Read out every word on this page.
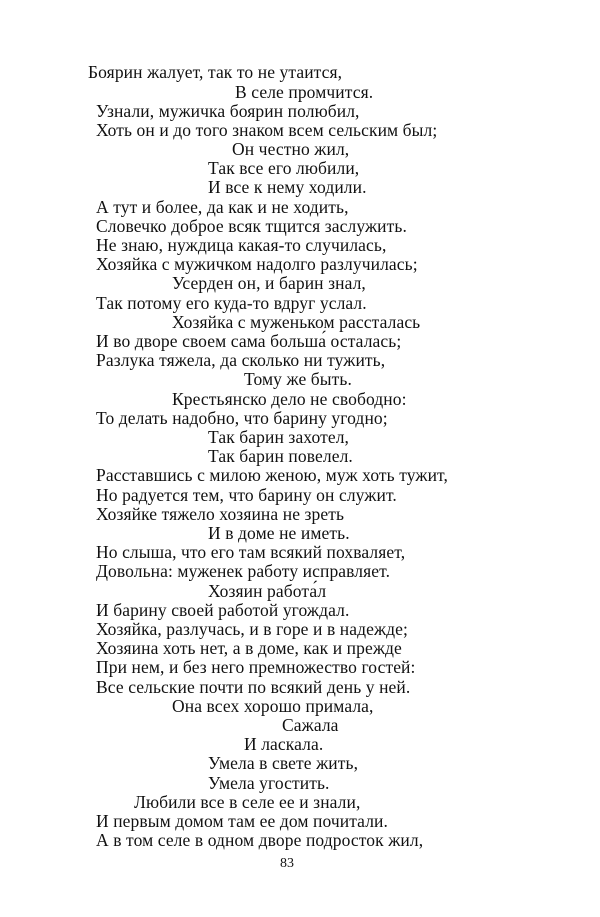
Боярин жалует, так то не утаится,
В селе промчится.
Узнали, мужичка боярин полюбил,
Хоть он и до того знаком всем сельским был;
Он честно жил,
Так все его любили,
И все к нему ходили.
А тут и более, да как и не ходить,
Словечко доброе всяк тщится заслужить.
Не знаю, нуждица какая-то случилась,
Хозяйка с мужичком надолго разлучилась;
Усерден он, и барин знал,
Так потому его куда-то вдруг услал.
Хозяйка с муженьком рассталась
И во дворе своем сама больша́ осталась;
Разлука тяжела, да сколько ни тужить,
Тому же быть.
Крестьянско дело не свободно:
То делать надобно, что барину угодно;
Так барин захотел,
Так барин повелел.
Расставшись с милою женою, муж хоть тужит,
Но радуется тем, что барину он служит.
Хозяйке тяжело хозяина не зреть
И в доме не иметь.
Но слыша, что его там всякий похваляет,
Довольна: муженек работу исправляет.
Хозяин работа́л
И барину своей работой угождал.
Хозяйка, разлучась, и в горе и в надежде;
Хозяина хоть нет, а в доме, как и прежде
При нем, и без него премножество гостей:
Все сельские почти по всякий день у ней.
Она всех хорошо примала,
Сажала
И ласкала.
Умела в свете жить,
Умела угостить.
Любили все в селе ее и знали,
И первым домом там ее дом почитали.
А в том селе в одном дворе подросток жил,
83
